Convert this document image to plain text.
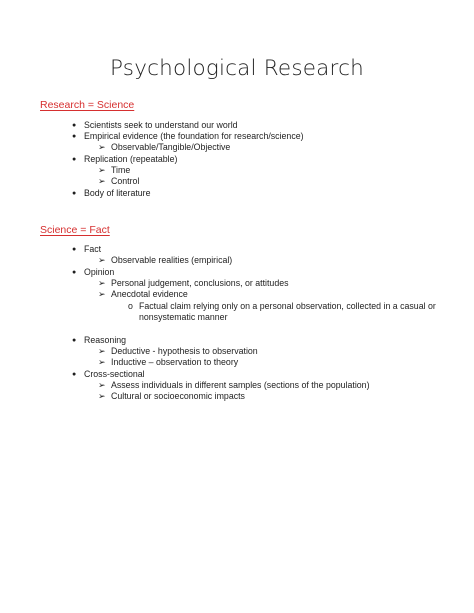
Psychological Research
Research = Science
● Scientists seek to understand our world
● Empirical evidence (the foundation for research/science)
➢ Observable/Tangible/Objective
● Replication (repeatable)
➢ Time
➢ Control
● Body of literature
Science = Fact
● Fact
➢ Observable realities (empirical)
● Opinion
➢ Personal judgement, conclusions, or attitudes
➢ Anecdotal evidence
o Factual claim relying only on a personal observation, collected in a casual or
nonsystematic manner
● Reasoning
➢ Deductive - hypothesis to observation
➢ Inductive – observation to theory
● Cross-sectional
➢ Assess individuals in different samples (sections of the population)
➢ Cultural or socioeconomic impacts
